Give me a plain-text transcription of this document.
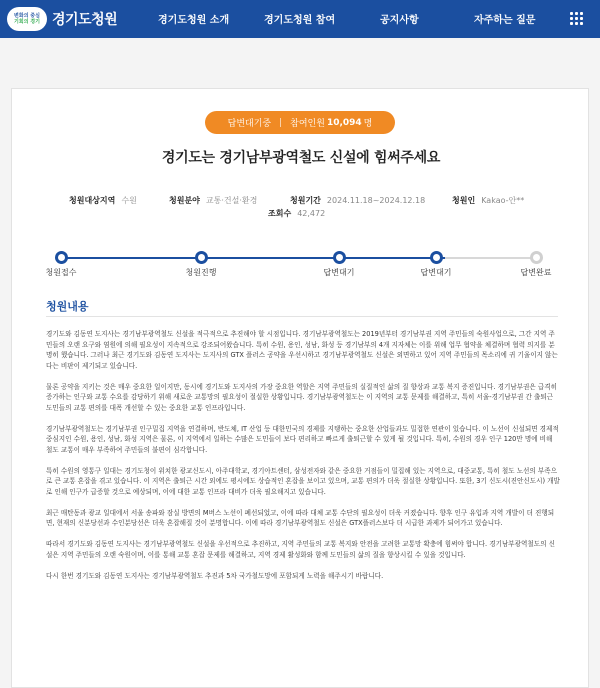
변화의 중심
기회의 경기 경기도청원	경기도청원 소개	경기도청원 참여	공지사항	자주하는 질문
답변대기중 | 참여인원 10,094 명
경기도는 경기남부광역철도 신설에 힘써주세요
청원대상지역 수원	청원분야 교통·건설·환경	청원기간 2024.11.18~2024.12.18	청원인 Kakao-안**
조회수 42,472
청원접수	청원진행	답변대기	답변대기	답변완료
청원내용

경기도와 김동연 도지사는 경기남부광역철도 신설을 적극적으로 추진해야 할 시점입니다. 경기남부광역철도는 2019년부터 경기남부권 지역 주민들의 숙원사업으로, 그간 지역 주민들의 오랜 요구와 염원에 의해 필요성이 지속적으로 강조되어왔습니다. 특히 수원, 용인, 성남, 화성 등 경기남부의 4개 지자체는 이를 위해 업무 협약을 체결하며 협력 의지를 분명히 했습니다. 그러나 최근 경기도와 김동연 도지사는 도지사의 GTX 플러스 공약을 우선시하고 경기남부광역철도 신설은 외면하고 있어 지역 주민들의 목소리에 귀 기울이지 않는다는 비판이 제기되고 있습니다.

물론 공약을 지키는 것은 매우 중요한 일이지만, 동시에 경기도와 도지사의 가장 중요한 역할은 지역 주민들의 실질적인 삶의 질 향상과 교통 복지 증진입니다. 경기남부권은 급격히 증가하는 인구와 교통 수요를 감당하기 위해 새로운 교통망의 필요성이 절실한 상황입니다. 경기남부광역철도는 이 지역의 교통 문제를 해결하고, 특히 서울-경기남부권 간 출퇴근 도민들의 교통 편의를 대폭 개선할 수 있는 중요한 교통 인프라입니다.

경기남부광역철도는 경기남부권 인구밀집 지역을 연결하며, 반도체, IT 산업 등 대한민국의 경제를 지탱하는 중요한 산업들과도 밀접한 연관이 있습니다. 이 노선이 신설되면 경제적 중심지인 수원, 용인, 성남, 화성 지역은 물론, 이 지역에서 일하는 수많은 도민들이 보다 편리하고 빠르게 출퇴근할 수 있게 될 것입니다. 특히, 수원의 경우 인구 120만 명에 비해 철도 교통이 매우 부족하여 주민들의 불편이 심각합니다.

특히 수원의 영통구 일대는 경기도청이 위치한 광교신도시, 아주대학교, 경기아트센터, 삼성전자와 같은 중요한 거점들이 밀집해 있는 지역으로, 대중교통, 특히 철도 노선의 부족으로 큰 교통 혼잡을 겪고 있습니다. 이 지역은 출퇴근 시간 외에도 평시에도 상습적인 혼잡을 보이고 있으며, 교통 편의가 더욱 절실한 상황입니다. 또한, 3기 신도시(진안신도시) 개발로 인해 인구가 급증할 것으로 예상되며, 이에 대한 교통 인프라 대비가 더욱 필요해지고 있습니다.

최근 매탄동과 광교 일대에서 서울 송파와 잠실 방면의 M버스 노선이 폐선되었고, 이에 따라 대체 교통 수단의 필요성이 더욱 커졌습니다. 향후 인구 유입과 지역 개발이 더 진행되면, 현재의 신분당선과 수인분당선은 더욱 혼잡해질 것이 분명합니다. 이에 따라 경기남부광역철도 신설은 GTX플러스보다 더 시급한 과제가 되어가고 있습니다.

따라서 경기도와 김동연 도지사는 경기남부광역철도 신설을 우선적으로 추진하고, 지역 주민들의 교통 복지와 안전을 고려한 교통망 확충에 힘써야 합니다. 경기남부광역철도의 신설은 지역 주민들의 오랜 숙원이며, 이를 통해 교통 혼잡 문제를 해결하고, 지역 경제 활성화와 함께 도민들의 삶의 질을 향상시킬 수 있을 것입니다.

다시 한번 경기도와 김동연 도지사는 경기남부광역철도 추진과 5차 국가철도망에 포함되게 노력을 해주시기 바랍니다.
